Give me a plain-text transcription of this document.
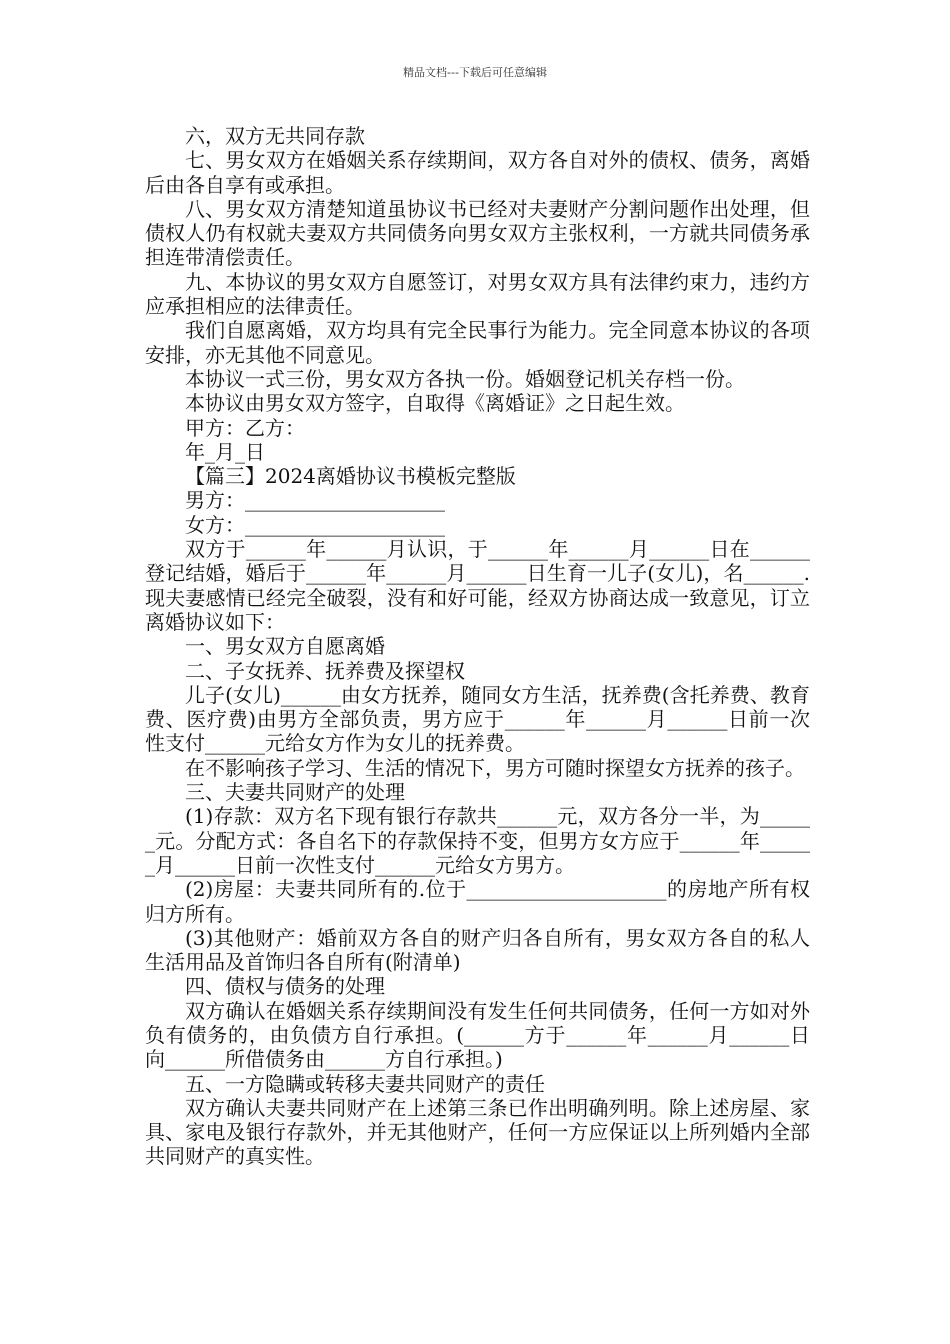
精品文档---下载后可任意编辑

六，双方无共同存款

七、男女双方在婚姻关系存续期间，双方各自对外的债权、债务，离婚后由各自享有或承担。

八、男女双方清楚知道虽协议书已经对夫妻财产分割问题作出处理，但债权人仍有权就夫妻双方共同债务向男女双方主张权利，一方就共同债务承担连带清偿责任。

九、本协议的男女双方自愿签订，对男女双方具有法律约束力，违约方应承担相应的法律责任。

我们自愿离婚，双方均具有完全民事行为能力。完全同意本协议的各项安排，亦无其他不同意见。

本协议一式三份，男女双方各执一份。婚姻登记机关存档一份。

本协议由男女双方签字，自取得《离婚证》之日起生效。

甲方：乙方：

年_月_日

【篇三】2024离婚协议书模板完整版

男方：____________________

女方：____________________

双方于______年______月认识，于______年______月______日在______登记结婚，婚后于______年______月______日生育一儿子(女儿)，名______.现夫妻感情已经完全破裂，没有和好可能，经双方协商达成一致意见，订立离婚协议如下：

一、男女双方自愿离婚

二、子女抚养、抚养费及探望权

儿子(女儿)______由女方抚养，随同女方生活，抚养费(含托养费、教育费、医疗费)由男方全部负责，男方应于______年______月______日前一次性支付______元给女方作为女儿的抚养费。

在不影响孩子学习、生活的情况下，男方可随时探望女方抚养的孩子。

三、夫妻共同财产的处理

(1)存款：双方名下现有银行存款共______元，双方各分一半，为______元。分配方式：各自名下的存款保持不变，但男方女方应于______年______月______日前一次性支付______元给女方男方。

(2)房屋：夫妻共同所有的.位于____________________的房地产所有权归方所有。

(3)其他财产：婚前双方各自的财产归各自所有，男女双方各自的私人生活用品及首饰归各自所有(附清单)

四、债权与债务的处理

双方确认在婚姻关系存续期间没有发生任何共同债务，任何一方如对外负有债务的，由负债方自行承担。(______方于______年______月______日向______所借债务由______方自行承担。)

五、一方隐瞒或转移夫妻共同财产的责任

双方确认夫妻共同财产在上述第三条已作出明确列明。除上述房屋、家具、家电及银行存款外，并无其他财产，任何一方应保证以上所列婚内全部共同财产的真实性。
